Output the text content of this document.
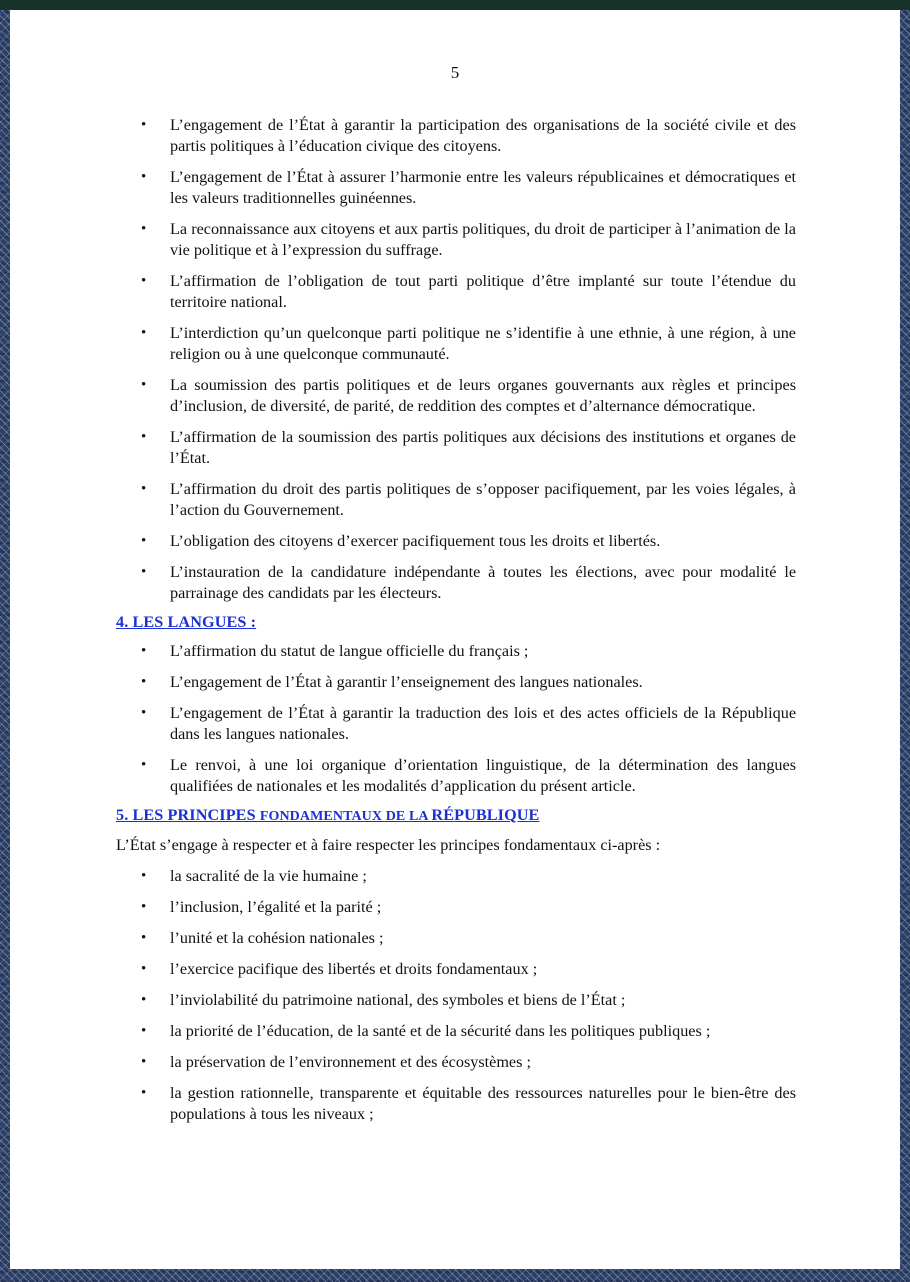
5
• L’engagement de l’État à garantir la participation des organisations de la société civile et des partis politiques à l’éducation civique des citoyens.
• L’engagement de l’État à assurer l’harmonie entre les valeurs républicaines et démocratiques et les valeurs traditionnelles guinéennes.
• La reconnaissance aux citoyens et aux partis politiques, du droit de participer à l’animation de la vie politique et à l’expression du suffrage.
• L’affirmation de l’obligation de tout parti politique d’être implanté sur toute l’étendue du territoire national.
• L’interdiction qu’un quelconque parti politique ne s’identifie à une ethnie, à une région, à une religion ou à une quelconque communauté.
• La soumission des partis politiques et de leurs organes gouvernants aux règles et principes d’inclusion, de diversité, de parité, de reddition des comptes et d’alternance démocratique.
• L’affirmation de la soumission des partis politiques aux décisions des institutions et organes de l’État.
• L’affirmation du droit des partis politiques de s’opposer pacifiquement, par les voies légales, à l’action du Gouvernement.
• L’obligation des citoyens d’exercer pacifiquement tous les droits et libertés.
• L’instauration de la candidature indépendante à toutes les élections, avec pour modalité le parrainage des candidats par les électeurs.
4. LES LANGUES :
• L’affirmation du statut de langue officielle du français ;
• L’engagement de l’État à garantir l’enseignement des langues nationales.
• L’engagement de l’État à garantir la traduction des lois et des actes officiels de la République dans les langues nationales.
• Le renvoi, à une loi organique d’orientation linguistique, de la détermination des langues qualifiées de nationales et les modalités d’application du présent article.
5. LES PRINCIPES FONDAMENTAUX DE LA RÉPUBLIQUE

L’État s’engage à respecter et à faire respecter les principes fondamentaux ci-après :

• la sacralité de la vie humaine ;
• l’inclusion, l’égalité et la parité ;
• l’unité et la cohésion nationales ;
• l’exercice pacifique des libertés et droits fondamentaux ;
• l’inviolabilité du patrimoine national, des symboles et biens de l’État ;
• la priorité de l’éducation, de la santé et de la sécurité dans les politiques publiques ;
• la préservation de l’environnement et des écosystèmes ;
• la gestion rationnelle, transparente et équitable des ressources naturelles pour le bien-être des populations à tous les niveaux ;
